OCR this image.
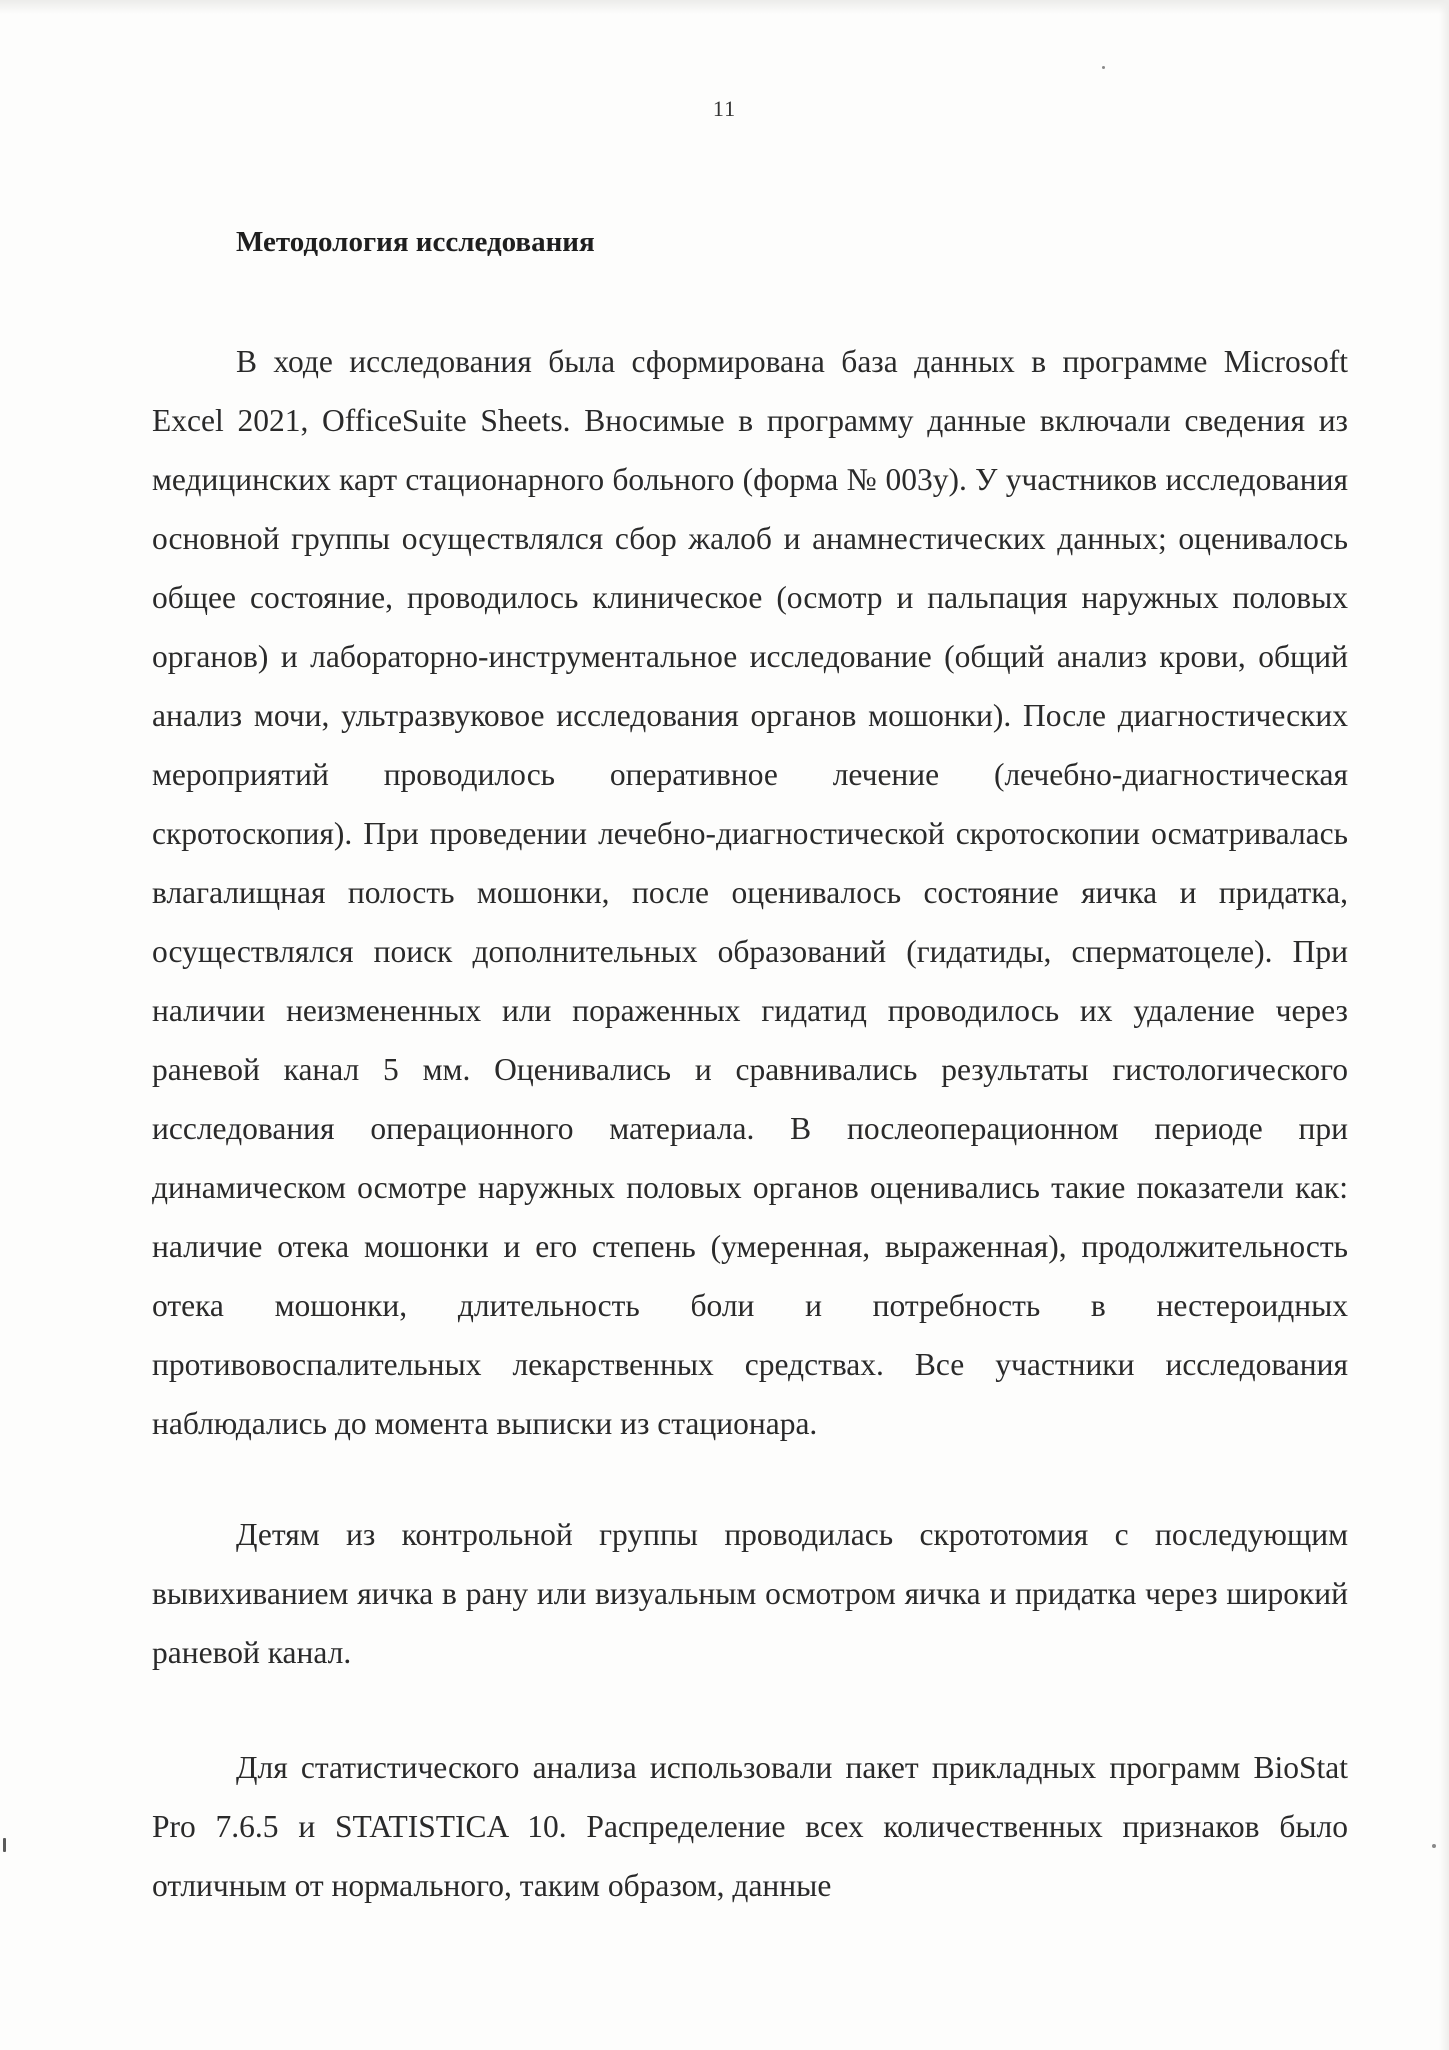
11
Методология исследования

В ходе исследования была сформирована база данных в программе Microsoft Excel 2021, OfficeSuite Sheets. Вносимые в программу данные включали сведения из медицинских карт стационарного больного (форма № 003у). У участников исследования основной группы осуществлялся сбор жалоб и анамнестических данных; оценивалось общее состояние, проводилось клиническое (осмотр и пальпация наружных половых органов) и лабораторно-инструментальное исследование (общий анализ крови, общий анализ мочи, ультразвуковое исследования органов мошонки). После диагностических мероприятий проводилось оперативное лечение (лечебно-диагностическая скротоскопия). При проведении лечебно-диагностической скротоскопии осматривалась влагалищная полость мошонки, после оценивалось состояние яичка и придатка, осуществлялся поиск дополнительных образований (гидатиды, сперматоцеле). При наличии неизмененных или пораженных гидатид проводилось их удаление через раневой канал 5 мм. Оценивались и сравнивались результаты гистологического исследования операционного материала. В послеоперационном периоде при динамическом осмотре наружных половых органов оценивались такие показатели как: наличие отека мошонки и его степень (умеренная, выраженная), продолжительность отека мошонки, длительность боли и потребность в нестероидных противовоспалительных лекарственных средствах. Все участники исследования наблюдались до момента выписки из стационара.

Детям из контрольной группы проводилась скрототомия с последующим вывихиванием яичка в рану или визуальным осмотром яичка и придатка через широкий раневой канал.

Для статистического анализа использовали пакет прикладных программ BioStat Pro 7.6.5 и STATISTICA 10. Распределение всех количественных признаков было отличным от нормального, таким образом, данные
